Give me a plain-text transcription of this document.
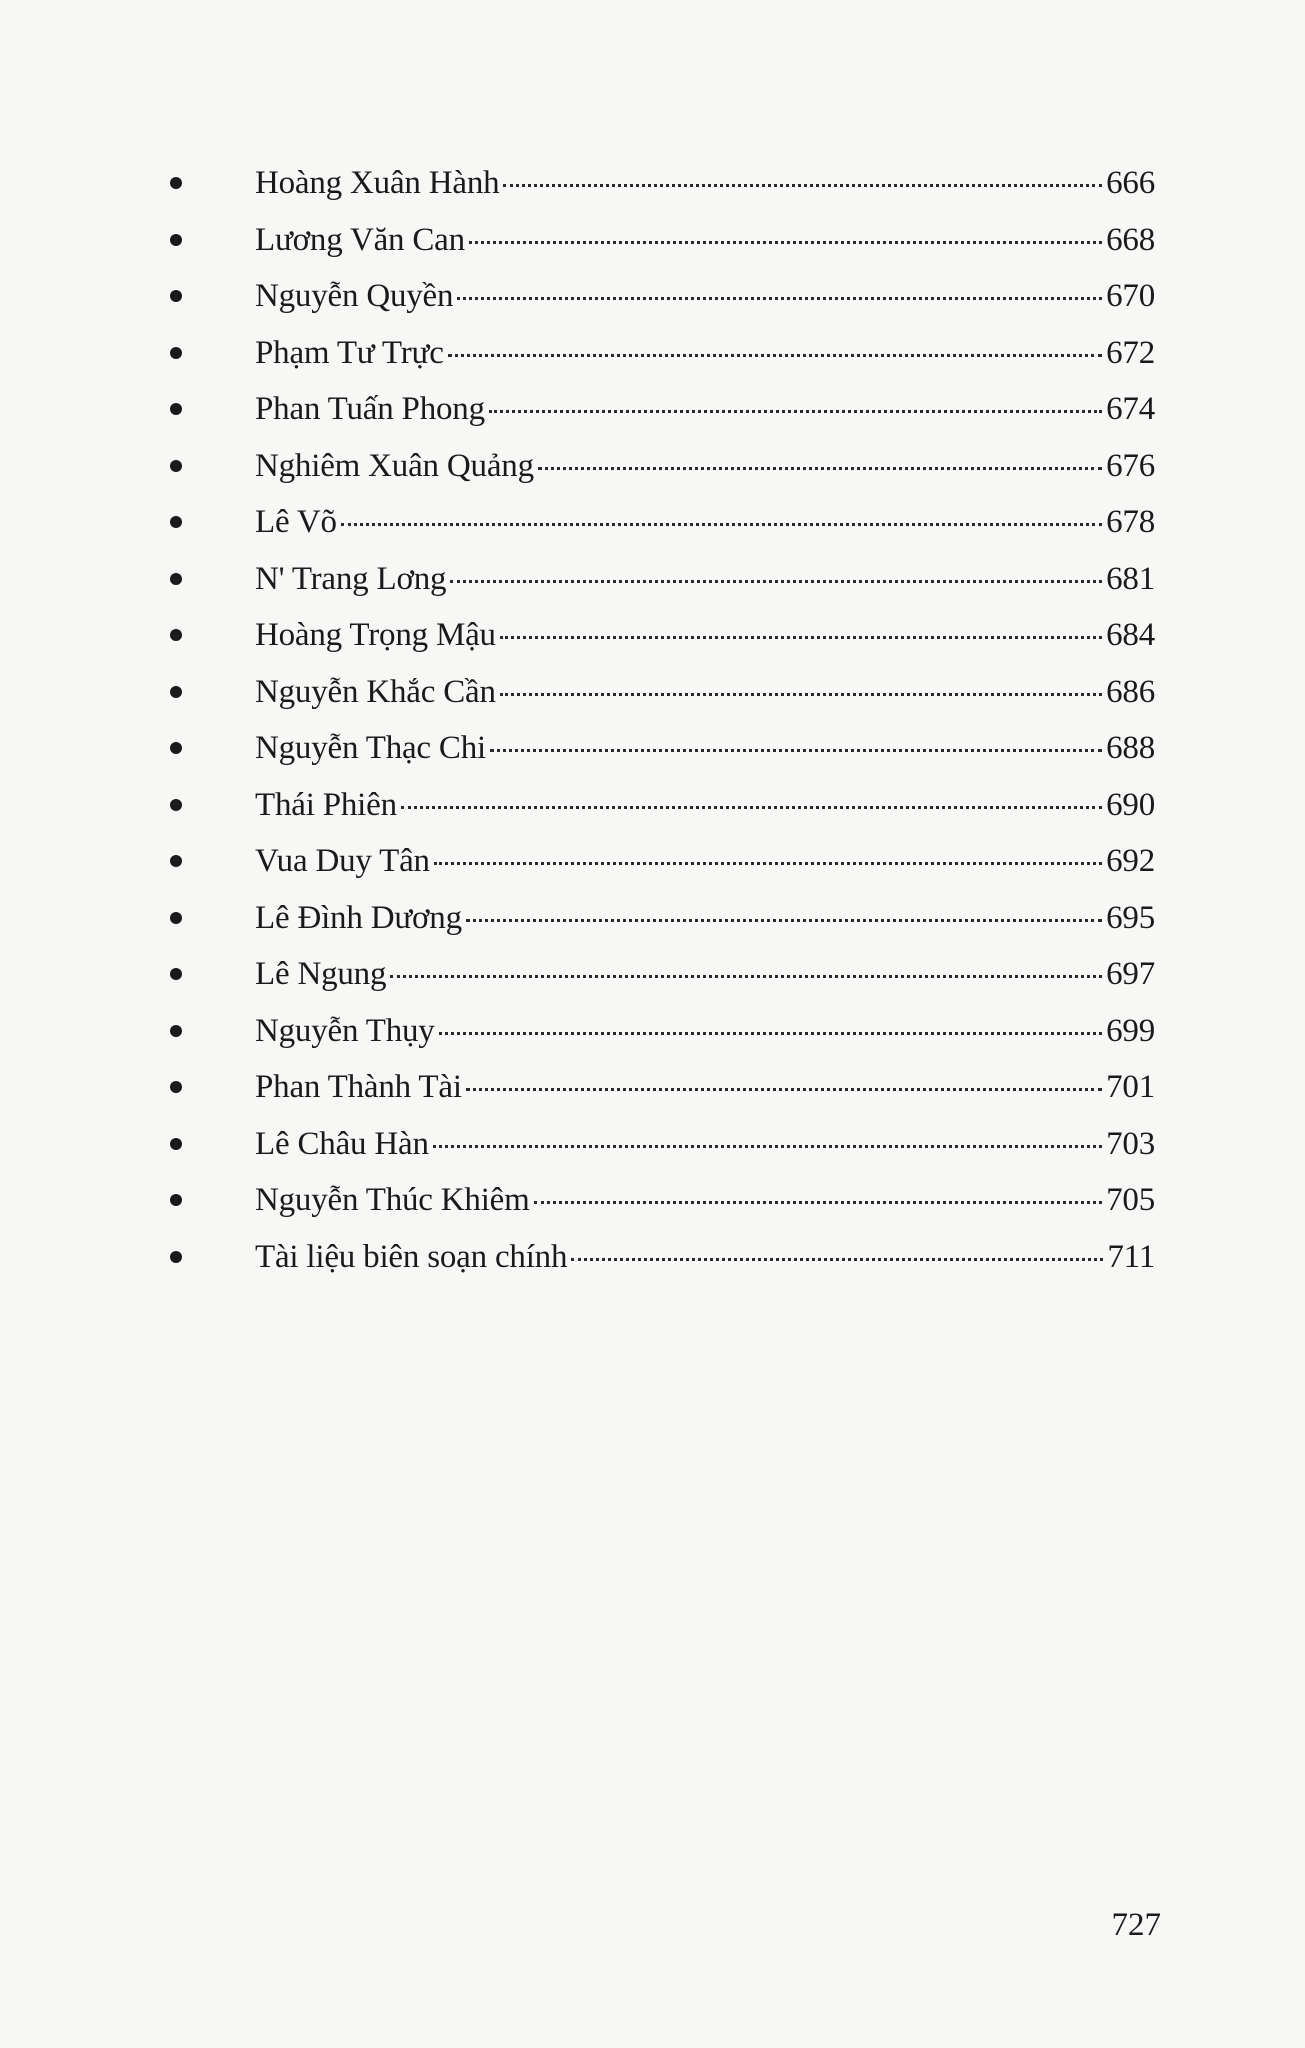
Hoàng Xuân Hành	666
Lương Văn Can	668
Nguyễn Quyền	670
Phạm Tư Trực	672
Phan Tuấn Phong	674
Nghiêm Xuân Quảng	676
Lê Võ	678
N' Trang Lơng	681
Hoàng Trọng Mậu	684
Nguyễn Khắc Cần	686
Nguyễn Thạc Chi	688
Thái Phiên	690
Vua Duy Tân	692
Lê Đình Dương	695
Lê Ngung	697
Nguyễn Thụy	699
Phan Thành Tài	701
Lê Châu Hàn	703
Nguyễn Thúc Khiêm	705
Tài liệu biên soạn chính	711
727
